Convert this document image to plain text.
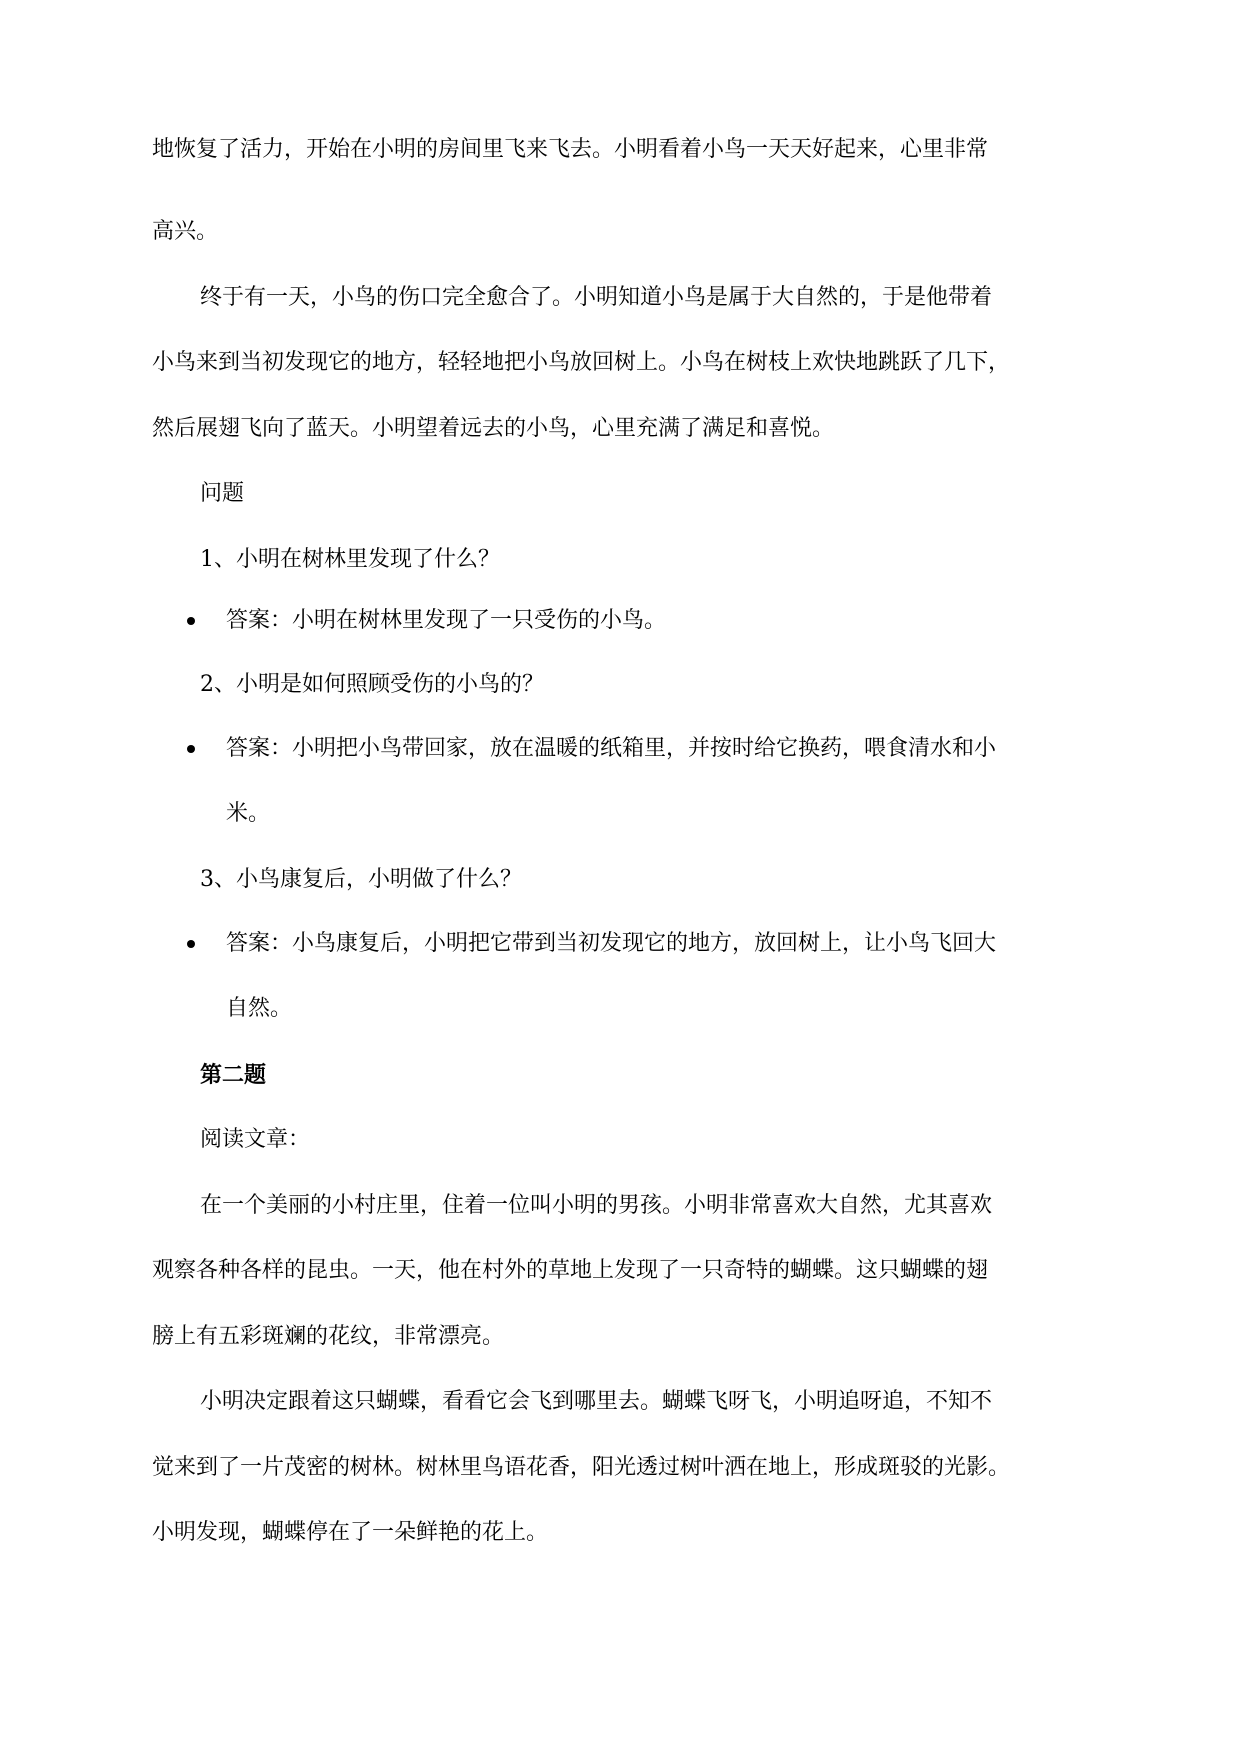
地恢复了活力，开始在小明的房间里飞来飞去。小明看着小鸟一天天好起来，心里非常
高兴。
终于有一天，小鸟的伤口完全愈合了。小明知道小鸟是属于大自然的，于是他带着
小鸟来到当初发现它的地方，轻轻地把小鸟放回树上。小鸟在树枝上欢快地跳跃了几下，
然后展翅飞向了蓝天。小明望着远去的小鸟，心里充满了满足和喜悦。
问题
1、小明在树林里发现了什么？
答案：小明在树林里发现了一只受伤的小鸟。
2、小明是如何照顾受伤的小鸟的？
答案：小明把小鸟带回家，放在温暖的纸箱里，并按时给它换药，喂食清水和小
米。
3、小鸟康复后，小明做了什么？
答案：小鸟康复后，小明把它带到当初发现它的地方，放回树上，让小鸟飞回大
自然。
第二题
阅读文章：
在一个美丽的小村庄里，住着一位叫小明的男孩。小明非常喜欢大自然，尤其喜欢
观察各种各样的昆虫。一天，他在村外的草地上发现了一只奇特的蝴蝶。这只蝴蝶的翅
膀上有五彩斑斓的花纹，非常漂亮。
小明决定跟着这只蝴蝶，看看它会飞到哪里去。蝴蝶飞呀飞，小明追呀追，不知不
觉来到了一片茂密的树林。树林里鸟语花香，阳光透过树叶洒在地上，形成斑驳的光影。
小明发现，蝴蝶停在了一朵鲜艳的花上。
